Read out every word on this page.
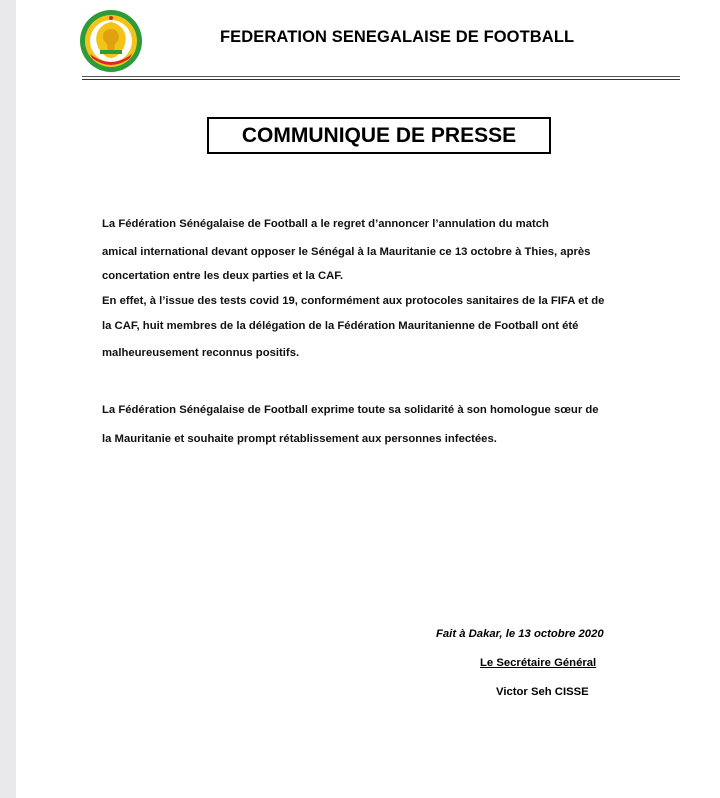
FEDERATION SENEGALAISE DE FOOTBALL
COMMUNIQUE DE PRESSE
La Fédération Sénégalaise de Football a le regret d’annoncer l’annulation du match
amical international devant opposer le Sénégal à la Mauritanie ce 13 octobre à Thies, après
concertation entre les deux parties et la CAF.
En effet, à l’issue des tests covid 19, conformément aux protocoles sanitaires de la FIFA et de
la CAF, huit membres de la délégation de la Fédération Mauritanienne de Football ont été
malheureusement reconnus positifs.
La Fédération Sénégalaise de Football exprime toute sa solidarité à son homologue sœur de
la Mauritanie et souhaite prompt rétablissement aux personnes infectées.
Fait à Dakar, le 13 octobre 2020
Le Secrétaire Général
Victor Seh CISSE
